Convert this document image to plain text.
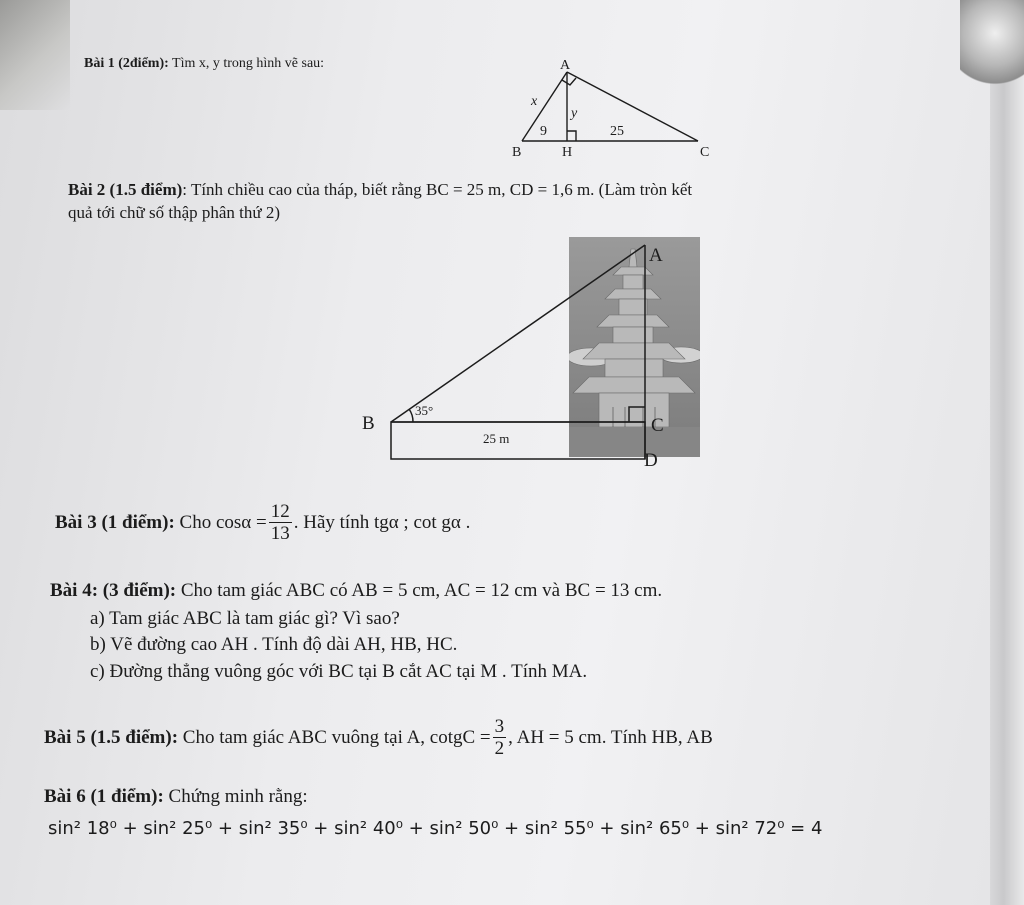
Bài 1 (2điểm): Tìm x, y trong hình vẽ sau:	A
B	C
H
x
y
9	25
Bài 2 (1.5 điểm): Tính chiều cao của tháp, biết rằng BC = 25 m, CD = 1,6 m. (Làm tròn kết
quả tới chữ số thập phân thứ 2)
A
B	C
D
35°
25 m
Bài 3 (1 điểm): Cho $\cos\alpha = \frac{12}{13}$ . Hãy tính tgα ; cot gα .
Bài 4: (3 điểm): Cho tam giác ABC có AB = 5 cm, AC = 12 cm và BC = 13 cm.
a) Tam giác ABC là tam giác gì? Vì sao?
b) Vẽ đường cao AH . Tính độ dài AH, HB, HC.
c) Đường thẳng vuông góc với BC tại B cắt AC tại M . Tính MA.
Bài 5 (1.5 điểm): Cho tam giác ABC vuông tại A, cotgC = $\frac{3}{2}$ , AH = 5 cm. Tính HB, AB
Bài 6 (1 điểm): Chứng minh rằng:
sin² 18⁰ + sin² 25⁰ + sin² 35⁰ + sin² 40⁰ + sin² 50⁰ + sin² 55⁰ + sin² 65⁰ + sin² 72⁰ = 4
